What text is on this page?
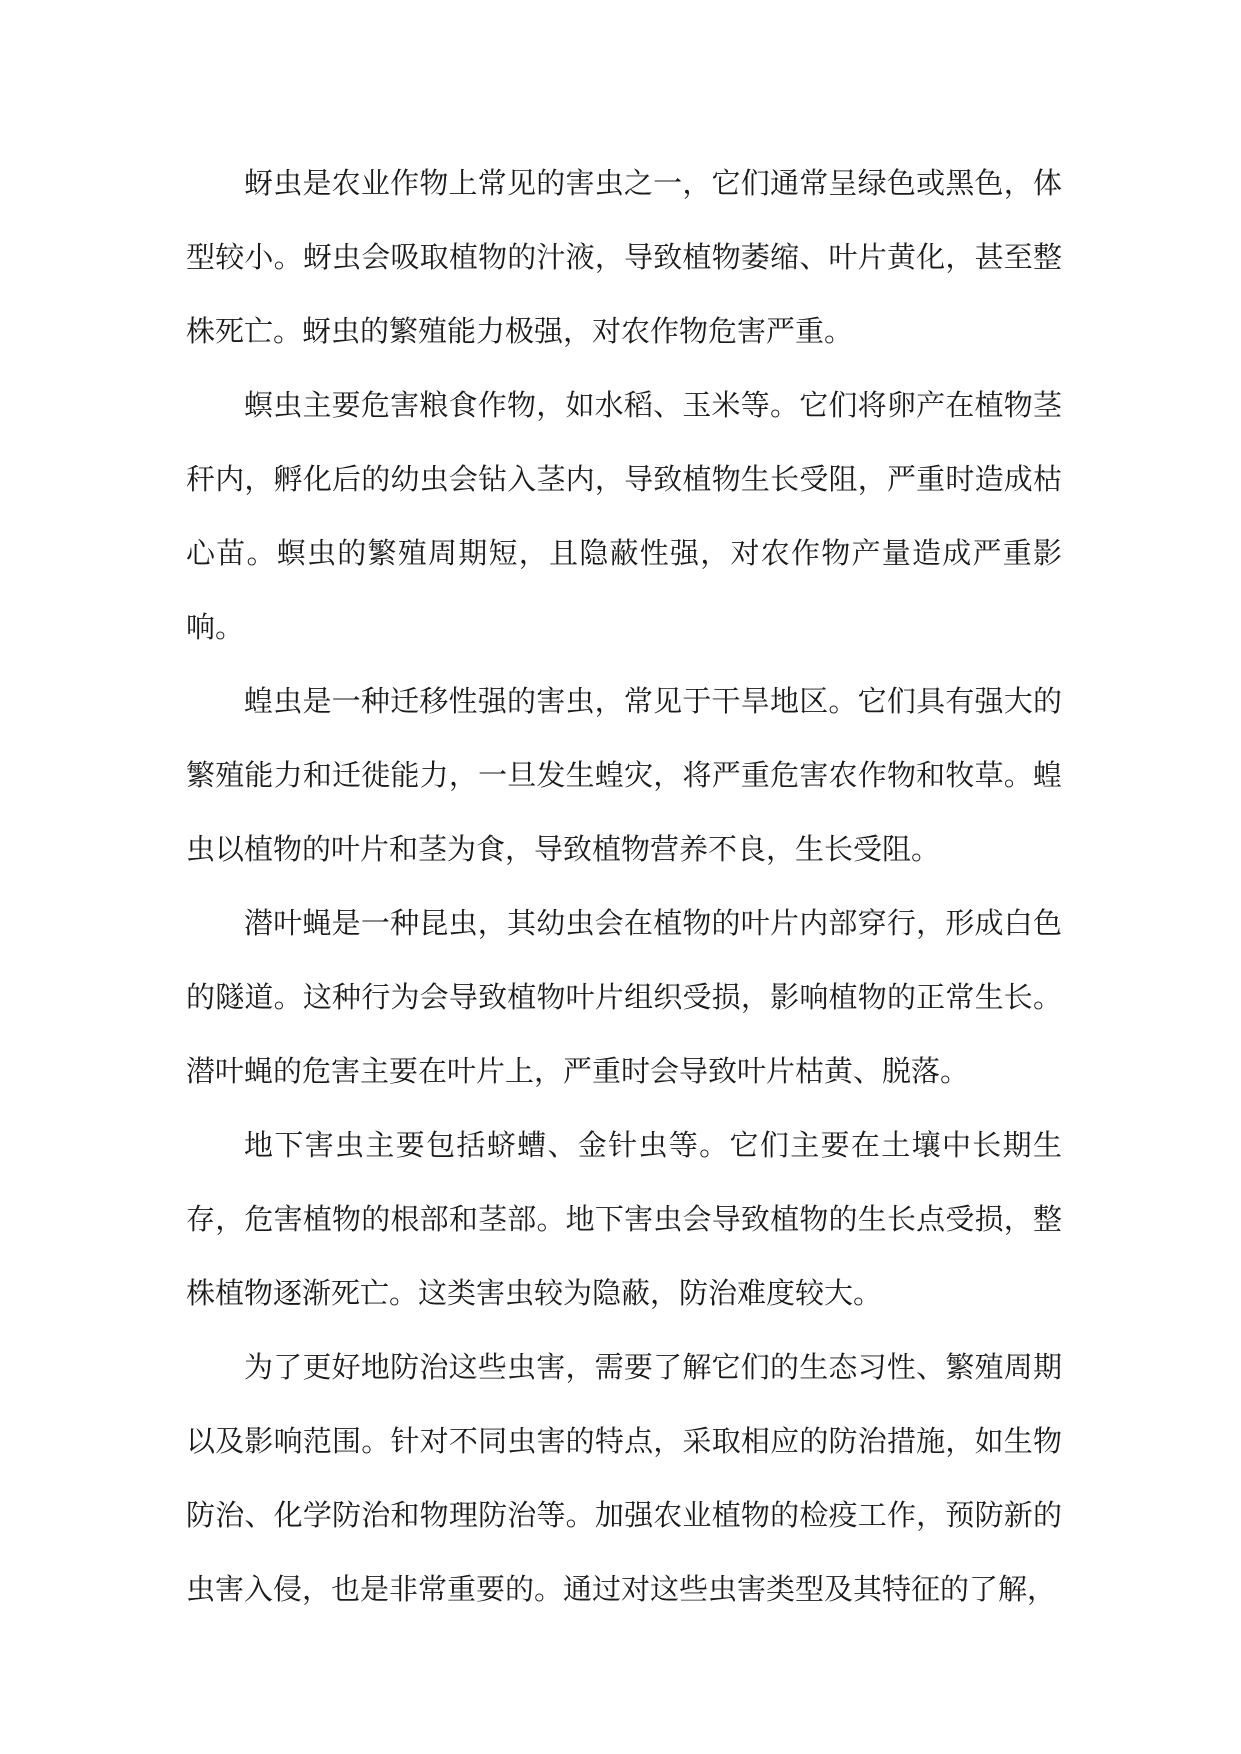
蚜虫是农业作物上常见的害虫之一，它们通常呈绿色或黑色，体型较小。蚜虫会吸取植物的汁液，导致植物萎缩、叶片黄化，甚至整株死亡。蚜虫的繁殖能力极强，对农作物危害严重。

螟虫主要危害粮食作物，如水稻、玉米等。它们将卵产在植物茎秆内，孵化后的幼虫会钻入茎内，导致植物生长受阻，严重时造成枯心苗。螟虫的繁殖周期短，且隐蔽性强，对农作物产量造成严重影响。

蝗虫是一种迁移性强的害虫，常见于干旱地区。它们具有强大的繁殖能力和迁徙能力，一旦发生蝗灾，将严重危害农作物和牧草。蝗虫以植物的叶片和茎为食，导致植物营养不良，生长受阻。

潜叶蝇是一种昆虫，其幼虫会在植物的叶片内部穿行，形成白色的隧道。这种行为会导致植物叶片组织受损，影响植物的正常生长。潜叶蝇的危害主要在叶片上，严重时会导致叶片枯黄、脱落。

地下害虫主要包括蛴螬、金针虫等。它们主要在土壤中长期生存，危害植物的根部和茎部。地下害虫会导致植物的生长点受损，整株植物逐渐死亡。这类害虫较为隐蔽，防治难度较大。

为了更好地防治这些虫害，需要了解它们的生态习性、繁殖周期以及影响范围。针对不同虫害的特点，采取相应的防治措施，如生物防治、化学防治和物理防治等。加强农业植物的检疫工作，预防新的虫害入侵，也是非常重要的。通过对这些虫害类型及其特征的了解，
